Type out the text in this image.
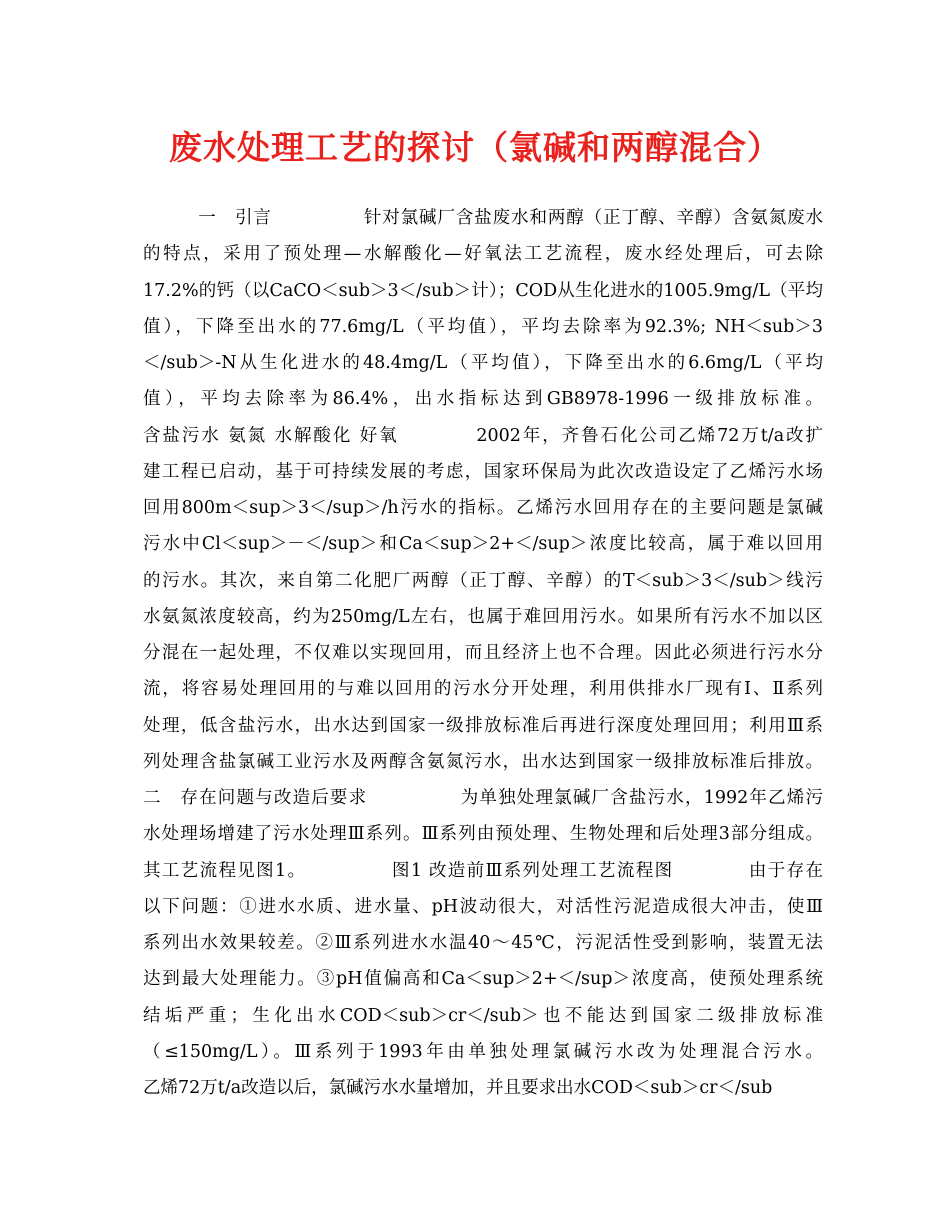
废水处理工艺的探讨（氯碱和两醇混合）
　　　一　引言　　　　　针对氯碱厂含盐废水和两醇（正丁醇、辛醇）含氨氮废水
的特点，采用了预处理—水解酸化—好氧法工艺流程，废水经处理后，可去除
17.2%的钙（以CaCO＜sub＞3＜/sub＞计）；COD从生化进水的1005.9mg/L（平均
值），下降至出水的77.6mg/L（平均值），平均去除率为92.3%; NH＜sub＞3
＜/sub＞-N从生化进水的48.4mg/L（平均值），下降至出水的6.6mg/L（平均
值），平均去除率为86.4%，出水指标达到GB8978-1996一级排放标准。
含盐污水 氨氮 水解酸化 好氧　　　　2002年，齐鲁石化公司乙烯72万t/a改扩
建工程已启动，基于可持续发展的考虑，国家环保局为此次改造设定了乙烯污水场
回用800m＜sup＞3＜/sup＞/h污水的指标。乙烯污水回用存在的主要问题是氯碱
污水中Cl＜sup＞－＜/sup＞和Ca＜sup＞2+＜/sup＞浓度比较高，属于难以回用
的污水。其次，来自第二化肥厂两醇（正丁醇、辛醇）的T＜sub＞3＜/sub＞线污
水氨氮浓度较高，约为250mg/L左右，也属于难回用污水。如果所有污水不加以区
分混在一起处理，不仅难以实现回用，而且经济上也不合理。因此必须进行污水分
流，将容易处理回用的与难以回用的污水分开处理，利用供排水厂现有Ⅰ、Ⅱ系列
处理，低含盐污水，出水达到国家一级排放标准后再进行深度处理回用；利用Ⅲ系
列处理含盐氯碱工业污水及两醇含氨氮污水，出水达到国家一级排放标准后排放。
二　存在问题与改造后要求　　　　　为单独处理氯碱厂含盐污水，1992年乙烯污
水处理场增建了污水处理Ⅲ系列。Ⅲ系列由预处理、生物处理和后处理3部分组成。
其工艺流程见图1。　　　　　图1 改造前Ⅲ系列处理工艺流程图　　　　由于存在
以下问题：①进水水质、进水量、pH波动很大，对活性污泥造成很大冲击，使Ⅲ
系列出水效果较差。②Ⅲ系列进水水温40～45℃，污泥活性受到影响，装置无法
达到最大处理能力。③pH值偏高和Ca＜sup＞2+＜/sup＞浓度高，使预处理系统
结垢严重；生化出水COD＜sub＞cr＜/sub＞也不能达到国家二级排放标准
（≤150mg/L）。Ⅲ系列于1993年由单独处理氯碱污水改为处理混合污水。
乙烯72万t/a改造以后，氯碱污水水量增加，并且要求出水COD＜sub＞cr＜/sub
